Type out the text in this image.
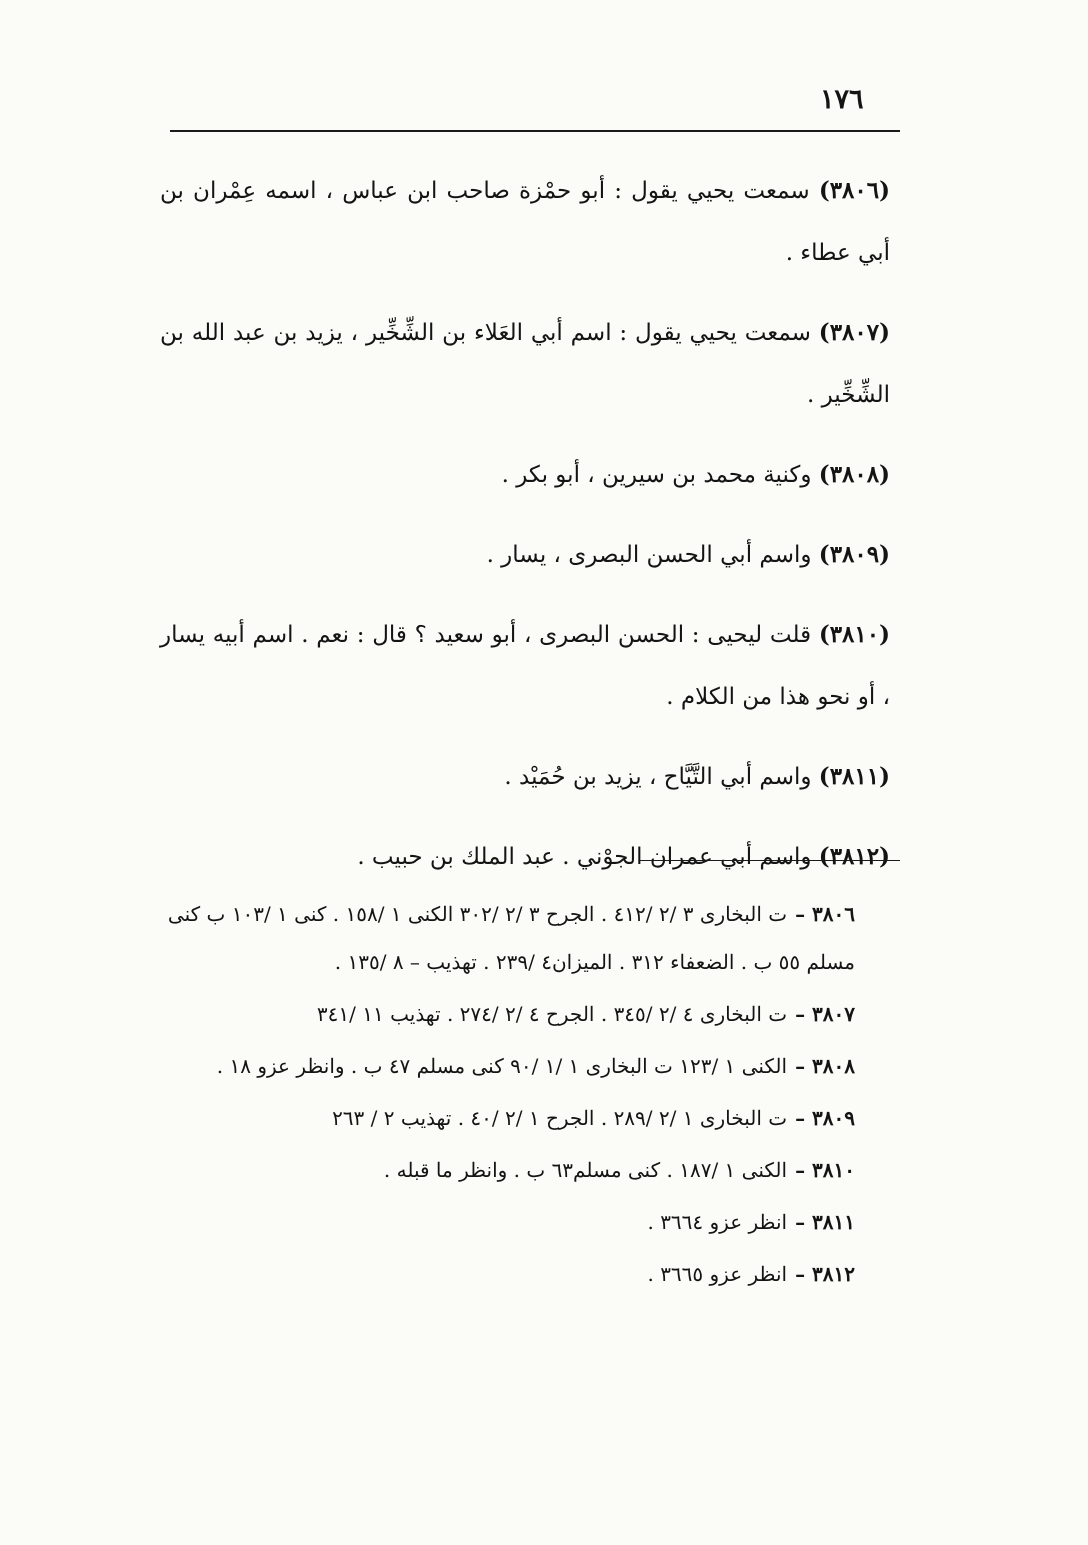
١٧٦

(٣٨٠٦) سمعت يحيي يقول : أبو حمْزة صاحب ابن عباس ، اسمه عِمْران بن أبي عطاء .

(٣٨٠٧) سمعت يحيي يقول : اسم أبي العَلاء بن الشِّخِّير ، يزيد بن عبد الله بن الشِّخِّير .

(٣٨٠٨) وكنية محمد بن سيرين ، أبو بكر .

(٣٨٠٩) واسم أبي الحسن البصرى ، يسار .

(٣٨١٠) قلت ليحيى : الحسن البصرى ، أبو سعيد ؟ قال : نعم . اسم أبيه يسار ، أو نحو هذا من الكلام .

(٣٨١١) واسم أبي التَّيَّاح ، يزيد بن حُمَيْد .

(٣٨١٢) واسم أبي عمران الجوْني . عبد الملك بن حبيب .

٣٨٠٦ –ت البخارى ٣ /٢ /٤١٢ . الجرح ٣ /٢ /٣٠٢ الكنى ١ /١٥٨ . كنى ١ /١٠٣ ب كنى مسلم ٥٥ ب . الضعفاء ٣١٢ . الميزان٤ /٢٣٩ . تهذيب – ٨ /١٣٥ .

٣٨٠٧ –ت البخارى ٤ /٢ /٣٤٥ . الجرح ٤ /٢ /٢٧٤ . تهذيب ١١ /٣٤١

٣٨٠٨ –الكنى ١ /١٢٣ ت البخارى ١ /١ /٩٠ كنى مسلم ٤٧ ب . وانظر عزو ١٨ .

٣٨٠٩ –ت البخارى ١ /٢ /٢٨٩ . الجرح ١ /٢ /٤٠ . تهذيب ٢ / ٢٦٣

٣٨١٠ –الكنى ١ /١٨٧ . كنى مسلم٦٣ ب . وانظر ما قبله .

٣٨١١ –انظر عزو ٣٦٦٤ .

٣٨١٢ –انظر عزو ٣٦٦٥ .
